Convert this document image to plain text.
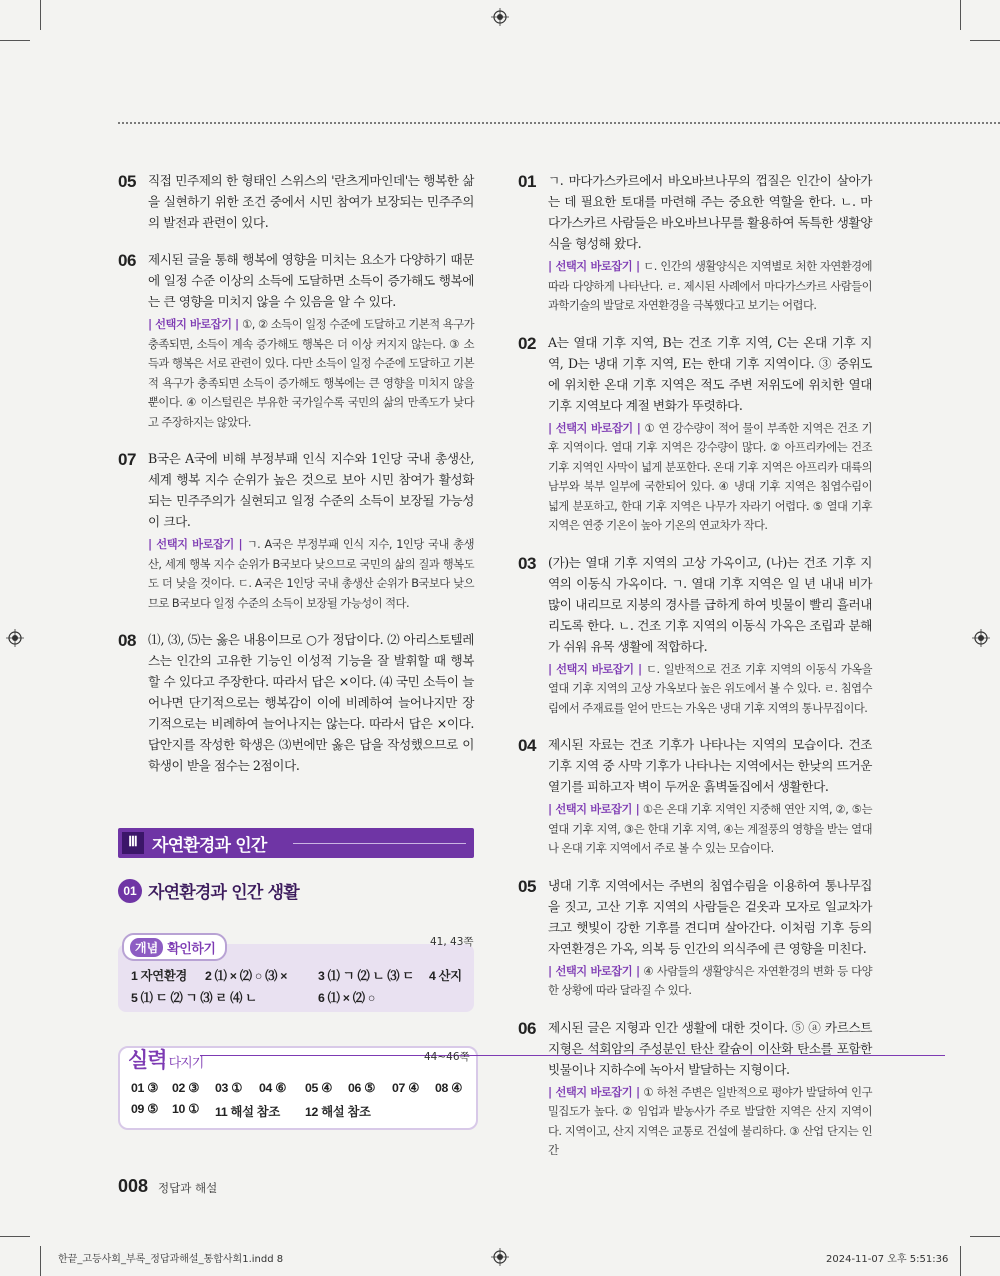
05 직접 민주제의 한 형태인 스위스의 '란츠게마인데'는 행복한 삶을 실현하기 위한 조건 중에서 시민 참여가 보장되는 민주주의의 발전과 관련이 있다.

06 제시된 글을 통해 행복에 영향을 미치는 요소가 다양하기 때문에 일정 수준 이상의 소득에 도달하면 소득이 증가해도 행복에는 큰 영향을 미치지 않을 수 있음을 알 수 있다.

| 선택지 바로잡기 | ①, ② 소득이 일정 수준에 도달하고 기본적 욕구가 충족되면, 소득이 계속 증가해도 행복은 더 이상 커지지 않는다. ③ 소득과 행복은 서로 관련이 있다. 다만 소득이 일정 수준에 도달하고 기본적 욕구가 충족되면 소득이 증가해도 행복에는 큰 영향을 미치지 않을 뿐이다. ④ 이스털린은 부유한 국가일수록 국민의 삶의 만족도가 낮다고 주장하지는 않았다.
07 B국은 A국에 비해 부정부패 인식 지수와 1인당 국내 총생산, 세계 행복 지수 순위가 높은 것으로 보아 시민 참여가 활성화되는 민주주의가 실현되고 일정 수준의 소득이 보장될 가능성이 크다.

| 선택지 바로잡기 | ㄱ. A국은 부정부패 인식 지수, 1인당 국내 총생산, 세계 행복 지수 순위가 B국보다 낮으므로 국민의 삶의 질과 행복도도 더 낮을 것이다. ㄷ. A국은 1인당 국내 총생산 순위가 B국보다 낮으므로 B국보다 일정 수준의 소득이 보장될 가능성이 적다.
08 ⑴, ⑶, ⑸는 옳은 내용이므로 ○가 정답이다. ⑵ 아리스토텔레스는 인간의 고유한 기능인 이성적 기능을 잘 발휘할 때 행복할 수 있다고 주장한다. 따라서 답은 ×이다. ⑷ 국민 소득이 늘어나면 단기적으로는 행복감이 이에 비례하여 늘어나지만 장기적으로는 비례하여 늘어나지는 않는다. 따라서 답은 ×이다. 답안지를 작성한 학생은 ⑶번에만 옳은 답을 작성했으므로 이 학생이 받을 점수는 2점이다.

Ⅲ 자연환경과 인간
01 자연환경과 인간 생활
개념 확인하기	41, 43쪽
1 자연환경 2 ⑴ × ⑵ ○ ⑶ ×	3 ⑴ ㄱ ⑵ ㄴ ⑶ ㄷ 4 산지
5 ⑴ ㄷ ⑵ ㄱ ⑶ ㄹ ⑷ ㄴ	6 ⑴ × ⑵ ○
실력 다지기	44~46쪽
01 ③ 02 ③ 03 ① 04 ⑥ 05 ④ 06 ⑤ 07 ④ 08 ④
09 ⑤ 10 ① 11 해설 참조 12 해설 참조
01 ㄱ. 마다가스카르에서 바오바브나무의 껍질은 인간이 살아가는 데 필요한 토대를 마련해 주는 중요한 역할을 한다. ㄴ. 마다가스카르 사람들은 바오바브나무를 활용하여 독특한 생활양식을 형성해 왔다.

| 선택지 바로잡기 | ㄷ. 인간의 생활양식은 지역별로 처한 자연환경에 따라 다양하게 나타난다. ㄹ. 제시된 사례에서 마다가스카르 사람들이 과학기술의 발달로 자연환경을 극복했다고 보기는 어렵다.
02 A는 열대 기후 지역, B는 건조 기후 지역, C는 온대 기후 지역, D는 냉대 기후 지역, E는 한대 기후 지역이다. ③ 중위도에 위치한 온대 기후 지역은 적도 주변 저위도에 위치한 열대 기후 지역보다 계절 변화가 뚜렷하다.

| 선택지 바로잡기 | ① 연 강수량이 적어 물이 부족한 지역은 건조 기후 지역이다. 열대 기후 지역은 강수량이 많다. ② 아프리카에는 건조 기후 지역인 사막이 넓게 분포한다. 온대 기후 지역은 아프리카 대륙의 남부와 북부 일부에 국한되어 있다. ④ 냉대 기후 지역은 침엽수림이 넓게 분포하고, 한대 기후 지역은 나무가 자라기 어렵다. ⑤ 열대 기후 지역은 연중 기온이 높아 기온의 연교차가 작다.
03 (가)는 열대 기후 지역의 고상 가옥이고, (나)는 건조 기후 지역의 이동식 가옥이다. ㄱ. 열대 기후 지역은 일 년 내내 비가 많이 내리므로 지붕의 경사를 급하게 하여 빗물이 빨리 흘러내리도록 한다. ㄴ. 건조 기후 지역의 이동식 가옥은 조립과 분해가 쉬워 유목 생활에 적합하다.

| 선택지 바로잡기 | ㄷ. 일반적으로 건조 기후 지역의 이동식 가옥을 열대 기후 지역의 고상 가옥보다 높은 위도에서 볼 수 있다. ㄹ. 침엽수림에서 주재료를 얻어 만드는 가옥은 냉대 기후 지역의 통나무집이다.
04 제시된 자료는 건조 기후가 나타나는 지역의 모습이다. 건조 기후 지역 중 사막 기후가 나타나는 지역에서는 한낮의 뜨거운 열기를 피하고자 벽이 두꺼운 흙벽돌집에서 생활한다.

| 선택지 바로잡기 | ①은 온대 기후 지역인 지중해 연안 지역, ②, ⑤는 열대 기후 지역, ③은 한대 기후 지역, ④는 계절풍의 영향을 받는 열대나 온대 기후 지역에서 주로 볼 수 있는 모습이다.
05 냉대 기후 지역에서는 주변의 침엽수림을 이용하여 통나무집을 짓고, 고산 기후 지역의 사람들은 겉옷과 모자로 일교차가 크고 햇빛이 강한 기후를 견디며 살아간다. 이처럼 기후 등의 자연환경은 가옥, 의복 등 인간의 의식주에 큰 영향을 미친다.

| 선택지 바로잡기 | ④ 사람들의 생활양식은 자연환경의 변화 등 다양한 상황에 따라 달라질 수 있다.
06 제시된 글은 지형과 인간 생활에 대한 것이다. ⑤ ⓐ 카르스트 지형은 석회암의 주성분인 탄산 칼슘이 이산화 탄소를 포함한 빗물이나 지하수에 녹아서 발달하는 지형이다.

| 선택지 바로잡기 | ① 하천 주변은 일반적으로 평야가 발달하여 인구 밀집도가 높다. ② 임업과 밭농사가 주로 발달한 지역은 산지 지역이다. 지역이고, 산지 지역은 교통로 건설에 불리하다. ③ 산업 단지는 인간
008 정답과 해설
한끝_고등사회_부록_정답과해설_통합사회1.indd 8	2024-11-07 오후 5:51:36
